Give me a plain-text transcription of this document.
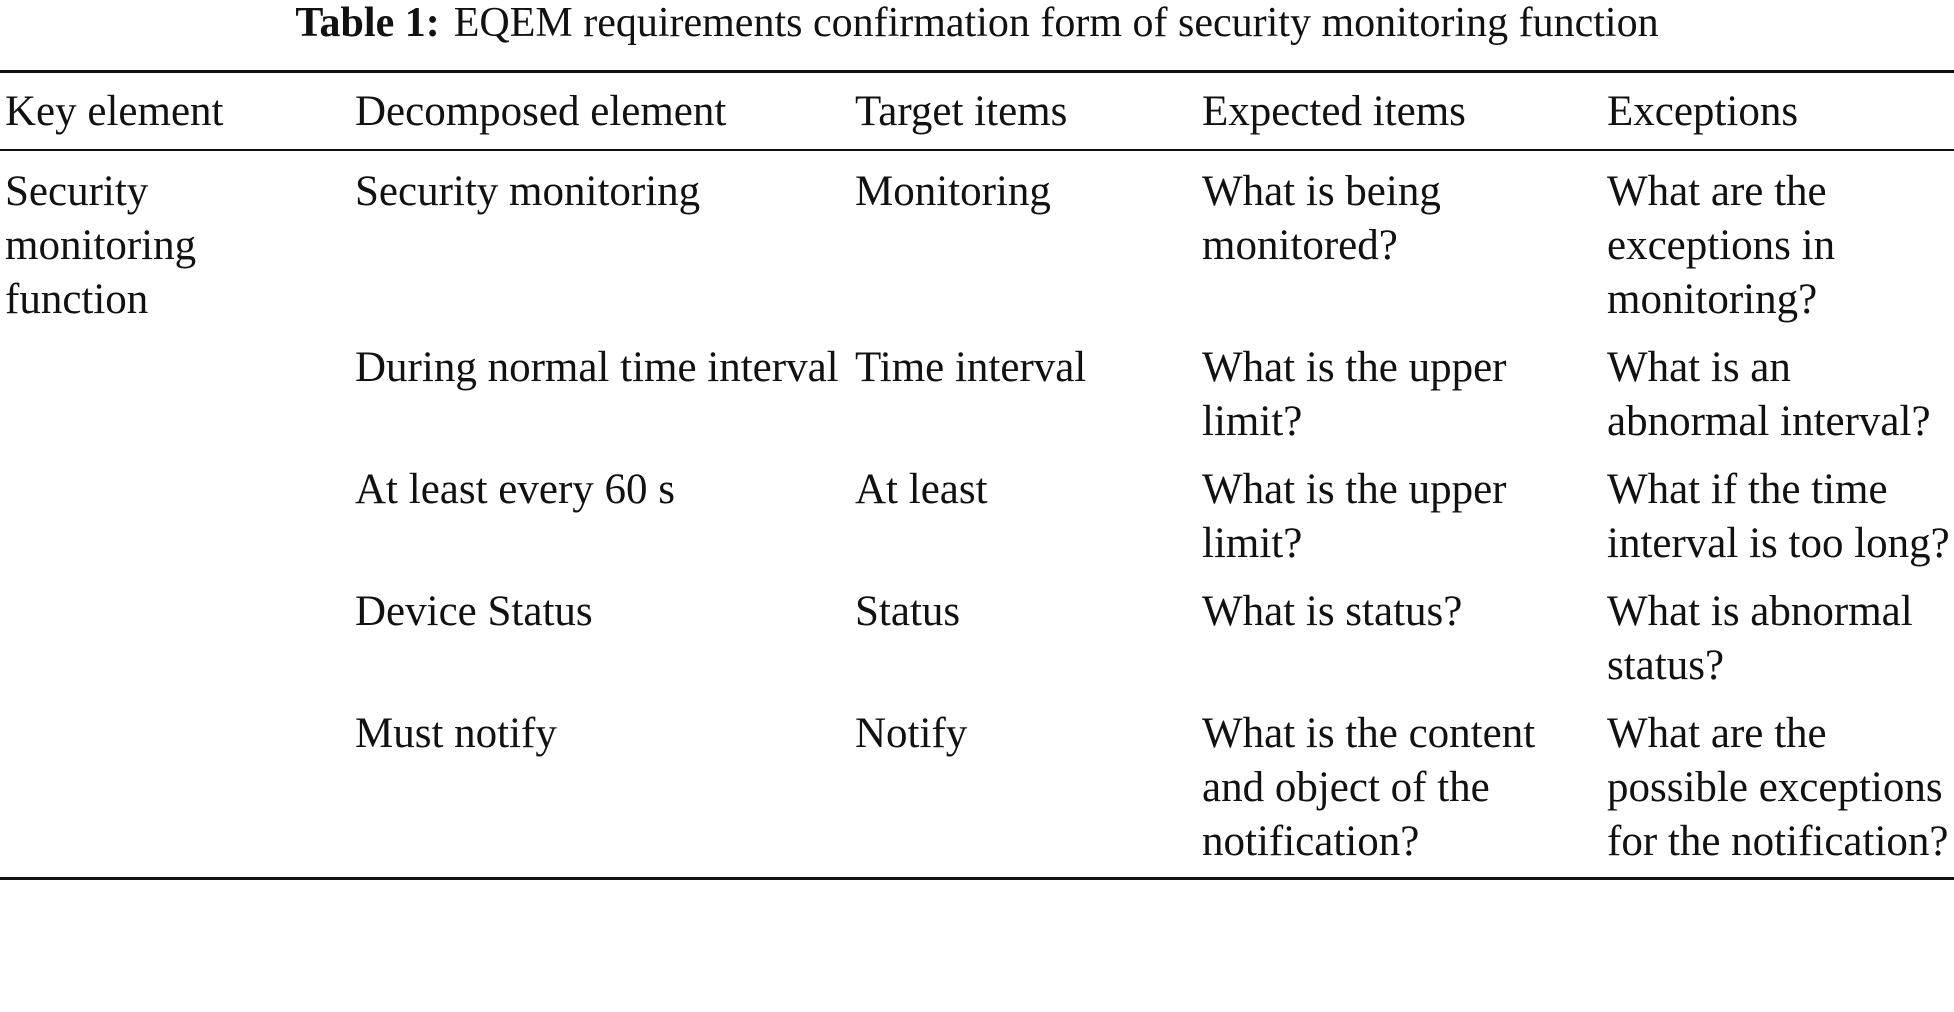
Table 1: EQEM requirements confirmation form of security monitoring function
Key element	Decomposed element	Target items	Expected items	Exceptions
Security monitoring function	Security monitoring	Monitoring	What is being monitored?	What are the exceptions in monitoring?
	During normal time interval	Time interval	What is the upper limit?	What is an abnormal interval?
	At least every 60 s	At least	What is the upper limit?	What if the time interval is too long?
	Device Status	Status	What is status?	What is abnormal status?
	Must notify	Notify	What is the content and object of the notification?	What are the possible exceptions for the notification?
